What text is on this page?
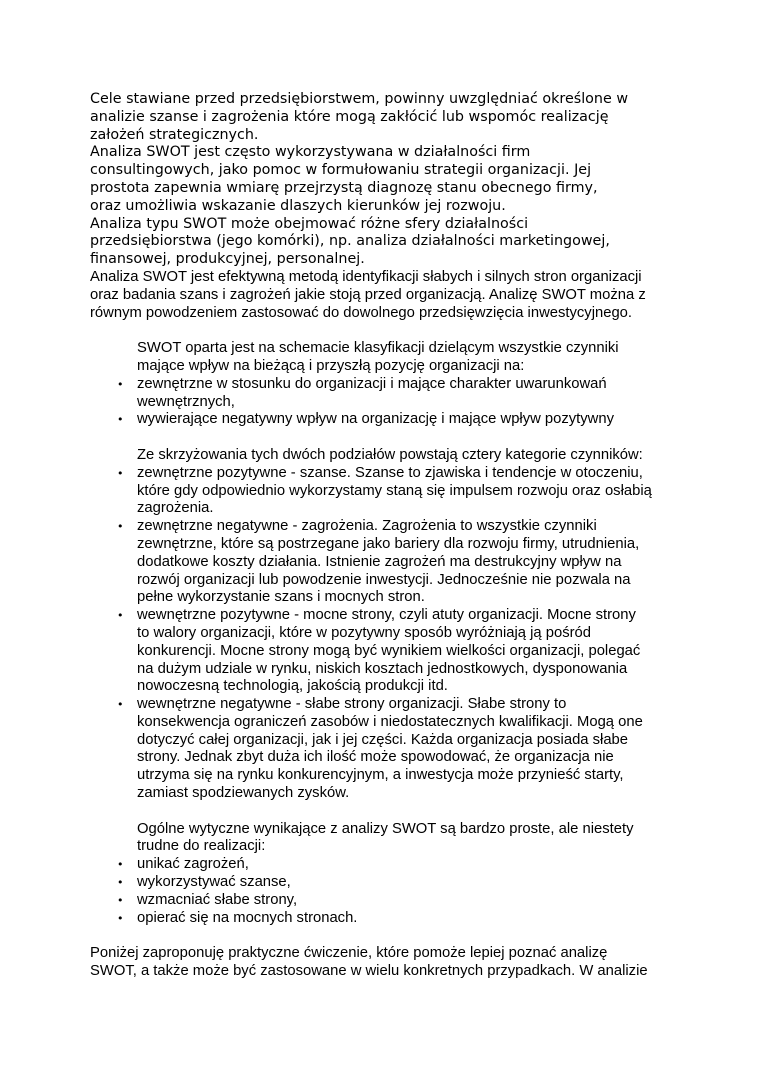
Cele stawiane przed przedsiębiorstwem, powinny uwzględniać określone w
analizie szanse i zagrożenia które mogą zakłócić lub wspomóc realizację
założeń strategicznych.
Analiza SWOT jest często wykorzystywana w działalności firm
consultingowych, jako pomoc w formułowaniu strategii organizacji. Jej
prostota zapewnia wmiarę przejrzystą diagnozę stanu obecnego firmy,
oraz umożliwia wskazanie dlaszych kierunków jej rozwoju.
Analiza typu SWOT może obejmować różne sfery działalności
przedsiębiorstwa (jego komórki), np. analiza działalności marketingowej,
finansowej, produkcyjnej, personalnej.
Analiza SWOT jest efektywną metodą identyfikacji słabych i silnych stron organizacji
oraz badania szans i zagrożeń jakie stoją przed organizacją. Analizę SWOT można z
równym powodzeniem zastosować do dowolnego przedsięwzięcia inwestycyjnego.
SWOT oparta jest na schemacie klasyfikacji dzielącym wszystkie czynniki
mające wpływ na bieżącą i przyszłą pozycję organizacji na:
• zewnętrzne w stosunku do organizacji i mające charakter uwarunkowań
wewnętrznych,
• wywierające negatywny wpływ na organizację i mające wpływ pozytywny
Ze skrzyżowania tych dwóch podziałów powstają cztery kategorie czynników:
• zewnętrzne pozytywne - szanse. Szanse to zjawiska i tendencje w otoczeniu,
które gdy odpowiednio wykorzystamy staną się impulsem rozwoju oraz osłabią
zagrożenia.
• zewnętrzne negatywne - zagrożenia. Zagrożenia to wszystkie czynniki
zewnętrzne, które są postrzegane jako bariery dla rozwoju firmy, utrudnienia,
dodatkowe koszty działania. Istnienie zagrożeń ma destrukcyjny wpływ na
rozwój organizacji lub powodzenie inwestycji. Jednocześnie nie pozwala na
pełne wykorzystanie szans i mocnych stron.
• wewnętrzne pozytywne - mocne strony, czyli atuty organizacji. Mocne strony
to walory organizacji, które w pozytywny sposób wyróżniają ją pośród
konkurencji. Mocne strony mogą być wynikiem wielkości organizacji, polegać
na dużym udziale w rynku, niskich kosztach jednostkowych, dysponowania
nowoczesną technologią, jakością produkcji itd.
• wewnętrzne negatywne - słabe strony organizacji. Słabe strony to
konsekwencja ograniczeń zasobów i niedostatecznych kwalifikacji. Mogą one
dotyczyć całej organizacji, jak i jej części. Każda organizacja posiada słabe
strony. Jednak zbyt duża ich ilość może spowodować, że organizacja nie
utrzyma się na rynku konkurencyjnym, a inwestycja może przynieść starty,
zamiast spodziewanych zysków.
Ogólne wytyczne wynikające z analizy SWOT są bardzo proste, ale niestety
trudne do realizacji:
• unikać zagrożeń,
• wykorzystywać szanse,
• wzmacniać słabe strony,
• opierać się na mocnych stronach.
Poniżej zaproponuję praktyczne ćwiczenie, które pomoże lepiej poznać analizę
SWOT, a także może być zastosowane w wielu konkretnych przypadkach. W analizie
